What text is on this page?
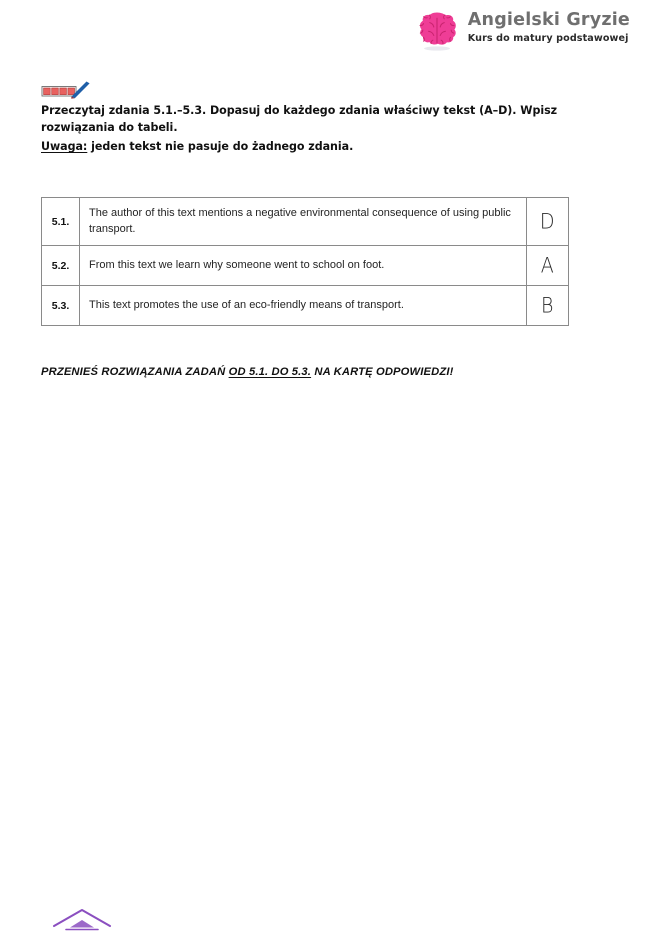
Angielski Gryzie
Kurs do matury podstawowej
Przeczytaj zdania 5.1.–5.3. Dopasuj do każdego zdania właściwy tekst (A–D). Wpisz rozwiązania do tabeli.
Uwaga: jeden tekst nie pasuje do żadnego zdania.
5.1.	The author of this text mentions a negative environmental consequence of using public transport.	D
5.2.	From this text we learn why someone went to school on foot.	A
5.3.	This text promotes the use of an eco-friendly means of transport.	B
PRZENIEŚ ROZWIĄZANIA ZADAŃ OD 5.1. DO 5.3. NA KARTĘ ODPOWIEDZI!
